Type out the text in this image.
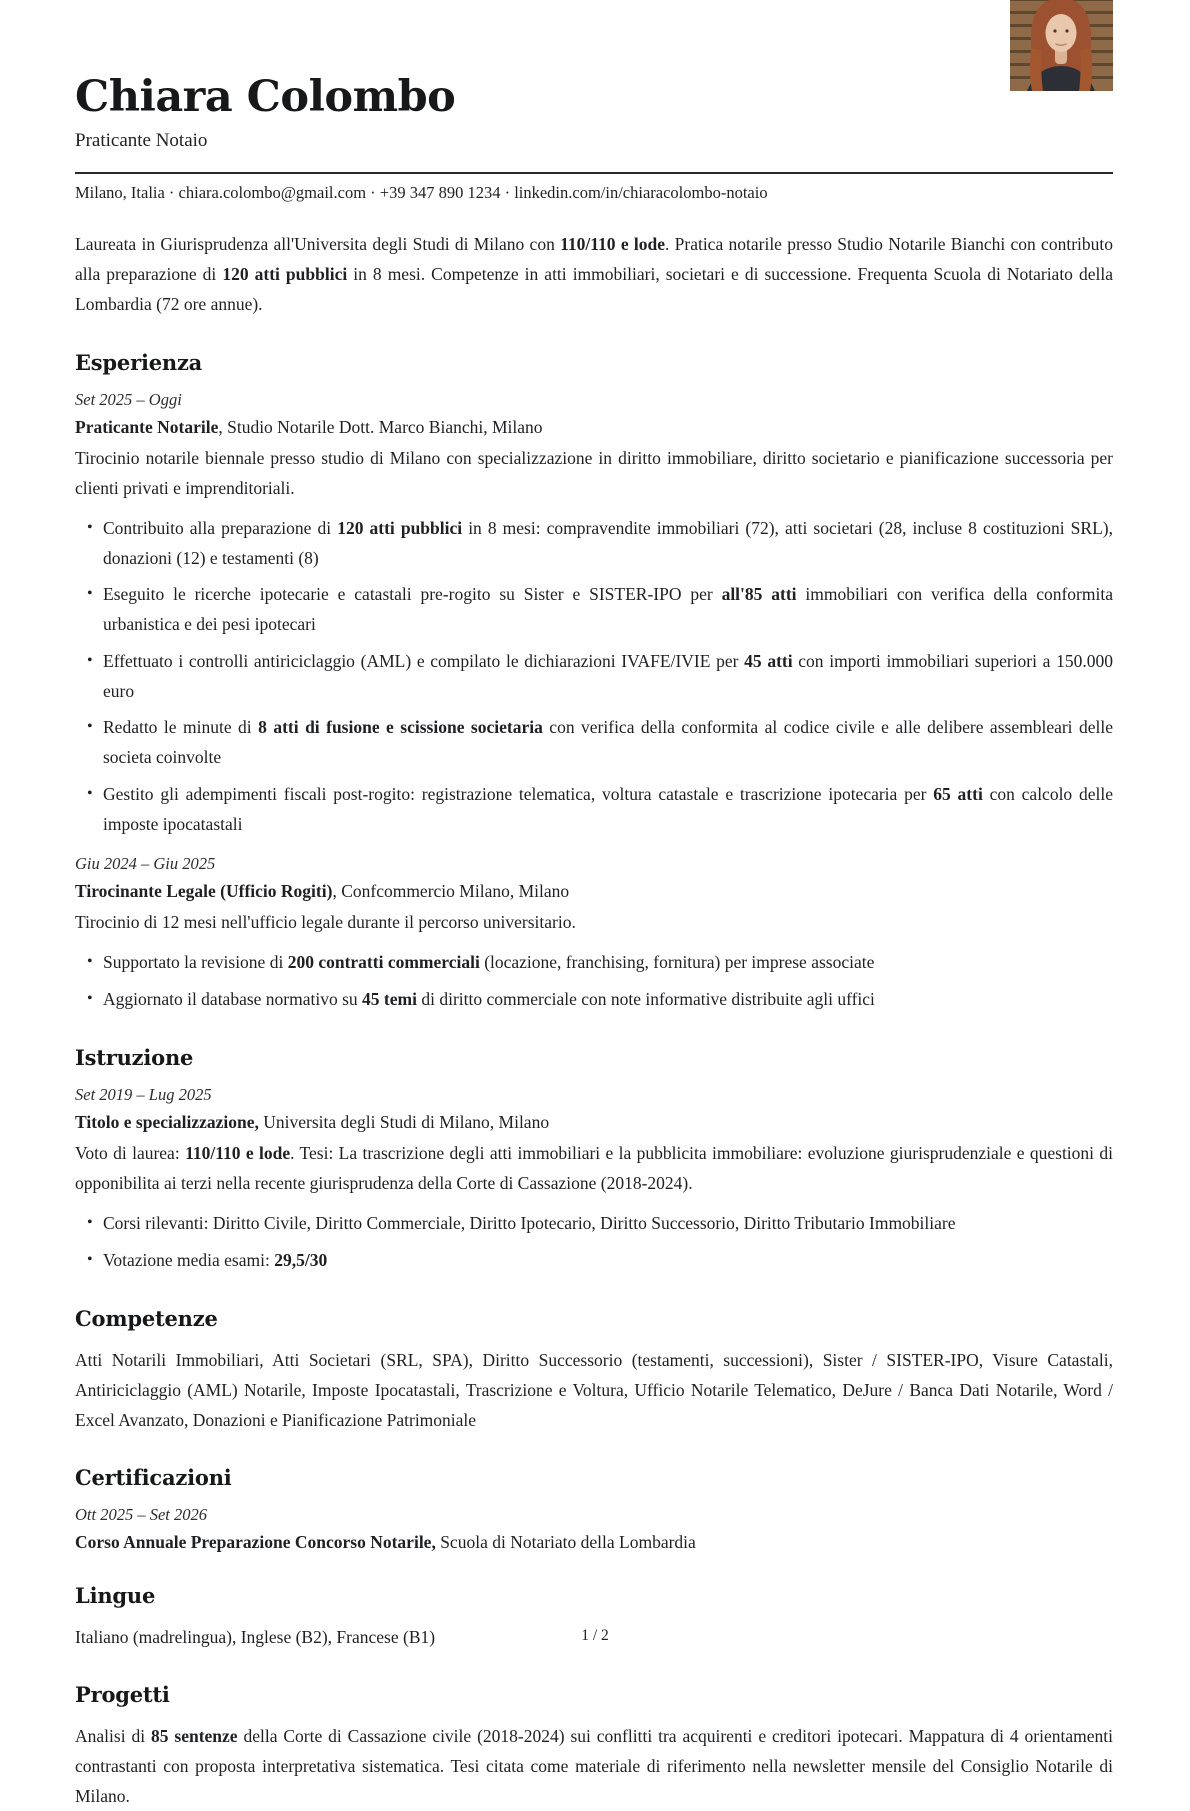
Chiara Colombo
Praticante Notaio
Milano, Italia · chiara.colombo@gmail.com · +39 347 890 1234 · linkedin.com/in/chiaracolombo-notaio

Laureata in Giurisprudenza all'Universita degli Studi di Milano con 110/110 e lode. Pratica notarile presso Studio Notarile Bianchi con contributo alla preparazione di 120 atti pubblici in 8 mesi. Competenze in atti immobiliari, societari e di successione. Frequenta Scuola di Notariato della Lombardia (72 ore annue).

Esperienza
Set 2025 – Oggi
Praticante Notarile, Studio Notarile Dott. Marco Bianchi, Milano
Tirocinio notarile biennale presso studio di Milano con specializzazione in diritto immobiliare, diritto societario e pianificazione successoria per clienti privati e imprenditoriali.
• Contribuito alla preparazione di 120 atti pubblici in 8 mesi: compravendite immobiliari (72), atti societari (28, incluse 8 costituzioni SRL), donazioni (12) e testamenti (8)
• Eseguito le ricerche ipotecarie e catastali pre-rogito su Sister e SISTER-IPO per all'85 atti immobiliari con verifica della conformita urbanistica e dei pesi ipotecari
• Effettuato i controlli antiriciclaggio (AML) e compilato le dichiarazioni IVAFE/IVIE per 45 atti con importi immobiliari superiori a 150.000 euro
• Redatto le minute di 8 atti di fusione e scissione societaria con verifica della conformita al codice civile e alle delibere assembleari delle societa coinvolte
• Gestito gli adempimenti fiscali post-rogito: registrazione telematica, voltura catastale e trascrizione ipotecaria per 65 atti con calcolo delle imposte ipocatastali
Giu 2024 – Giu 2025
Tirocinante Legale (Ufficio Rogiti), Confcommercio Milano, Milano
Tirocinio di 12 mesi nell'ufficio legale durante il percorso universitario.
• Supportato la revisione di 200 contratti commerciali (locazione, franchising, fornitura) per imprese associate
• Aggiornato il database normativo su 45 temi di diritto commerciale con note informative distribuite agli uffici
Istruzione
Set 2019 – Lug 2025
Titolo e specializzazione, Universita degli Studi di Milano, Milano
Voto di laurea: 110/110 e lode. Tesi: La trascrizione degli atti immobiliari e la pubblicita immobiliare: evoluzione giurisprudenziale e questioni di opponibilita ai terzi nella recente giurisprudenza della Corte di Cassazione (2018-2024).
• Corsi rilevanti: Diritto Civile, Diritto Commerciale, Diritto Ipotecario, Diritto Successorio, Diritto Tributario Immobiliare
• Votazione media esami: 29,5/30
Competenze
Atti Notarili Immobiliari, Atti Societari (SRL, SPA), Diritto Successorio (testamenti, successioni), Sister / SISTER-IPO, Visure Catastali, Antiriciclaggio (AML) Notarile, Imposte Ipocatastali, Trascrizione e Voltura, Ufficio Notarile Telematico, DeJure / Banca Dati Notarile, Word / Excel Avanzato, Donazioni e Pianificazione Patrimoniale
Certificazioni
Ott 2025 – Set 2026
Corso Annuale Preparazione Concorso Notarile, Scuola di Notariato della Lombardia
Lingue
Italiano (madrelingua), Inglese (B2), Francese (B1)
Progetti
Analisi di 85 sentenze della Corte di Cassazione civile (2018-2024) sui conflitti tra acquirenti e creditori ipotecari. Mappatura di 4 orientamenti contrastanti con proposta interpretativa sistematica. Tesi citata come materiale di riferimento nella newsletter mensile del Consiglio Notarile di Milano.
1 / 2
